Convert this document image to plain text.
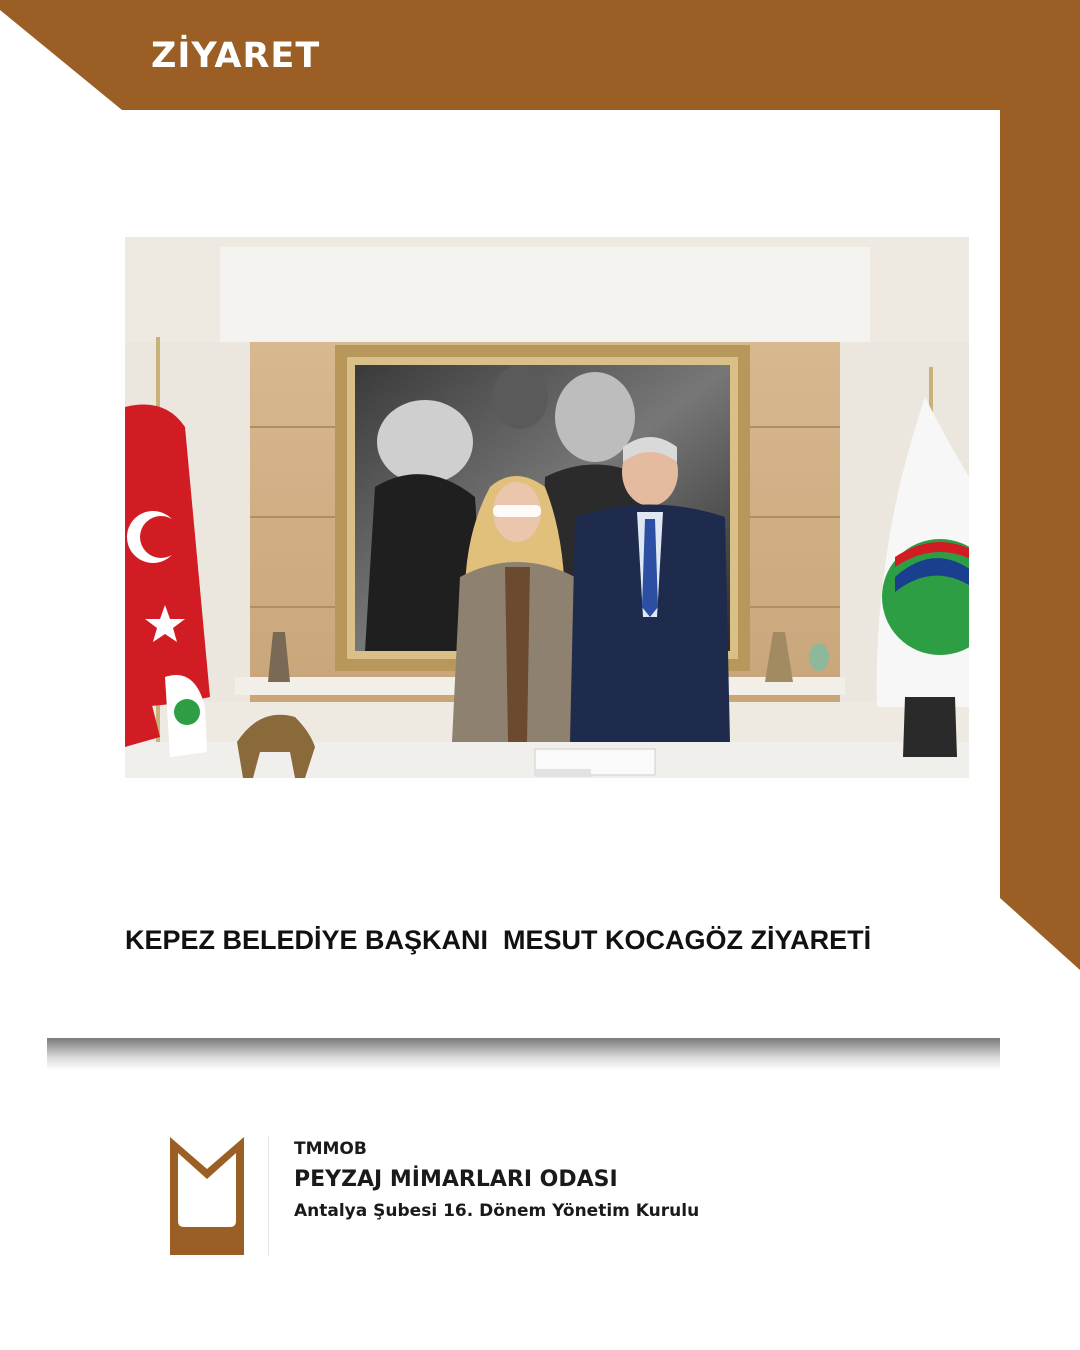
ZİYARET
KEPEZ BELEDİYE BAŞKANI  MESUT KOCAGÖZ ZİYARETİ
TMMOB
PEYZAJ MİMARLARI ODASI
Antalya Şubesi 16. Dönem Yönetim Kurulu
